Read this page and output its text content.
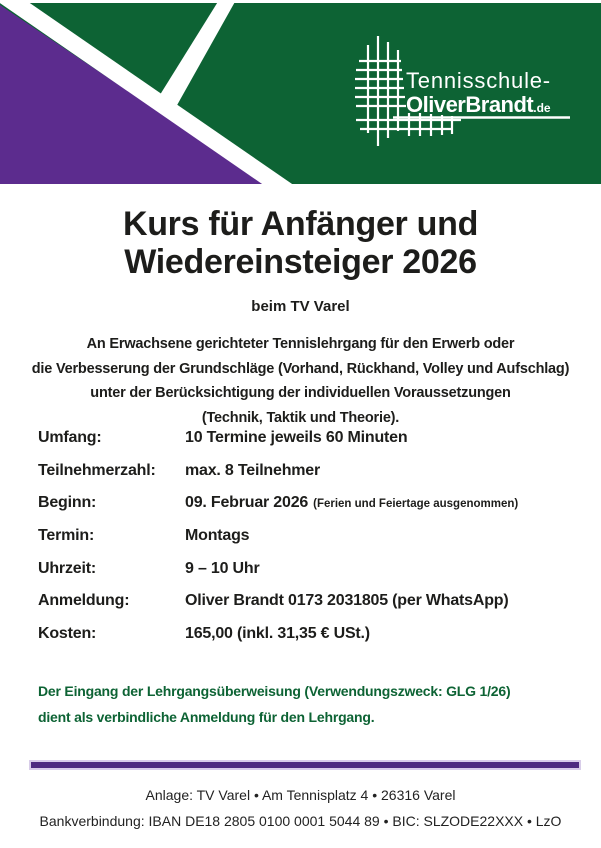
Tennisschule-
OliverBrandt.de
Kurs für Anfänger und
Wiedereinsteiger 2026
beim TV Varel
An Erwachsene gerichteter Tennislehrgang für den Erwerb oder
die Verbesserung der Grundschläge (Vorhand, Rückhand, Volley und Aufschlag)
unter der Berücksichtigung der individuellen Voraussetzungen
(Technik, Taktik und Theorie).
Umfang:	10 Termine jeweils 60 Minuten
Teilnehmerzahl:	max. 8 Teilnehmer
Beginn:	09. Februar 2026 (Ferien und Feiertage ausgenommen)
Termin:	Montags
Uhrzeit:	9 – 10 Uhr
Anmeldung:	Oliver Brandt 0173 2031805 (per WhatsApp)
Kosten:	165,00 (inkl. 31,35 € USt.)
Der Eingang der Lehrgangsüberweisung (Verwendungszweck: GLG 1/26)
dient als verbindliche Anmeldung für den Lehrgang.
Anlage: TV Varel • Am Tennisplatz 4 • 26316 Varel
Bankverbindung: IBAN DE18 2805 0100 0001 5044 89 • BIC: SLZODE22XXX • LzO
